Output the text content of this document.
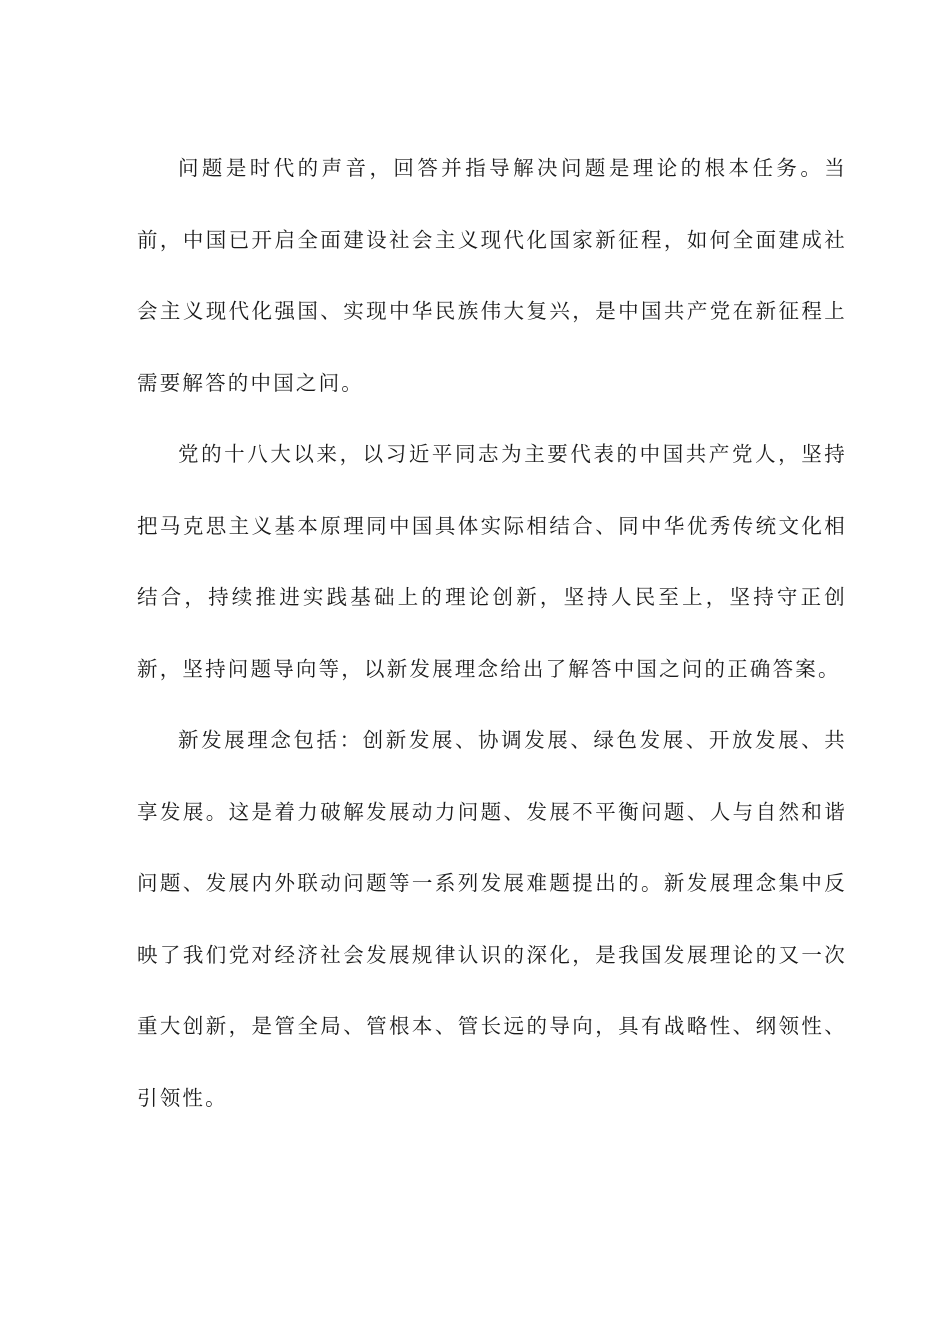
问题是时代的声音，回答并指导解决问题是理论的根本任务。当前，中国已开启全面建设社会主义现代化国家新征程，如何全面建成社会主义现代化强国、实现中华民族伟大复兴，是中国共产党在新征程上需要解答的中国之问。

党的十八大以来，以习近平同志为主要代表的中国共产党人，坚持把马克思主义基本原理同中国具体实际相结合、同中华优秀传统文化相结合，持续推进实践基础上的理论创新，坚持人民至上，坚持守正创新，坚持问题导向等，以新发展理念给出了解答中国之问的正确答案。

新发展理念包括：创新发展、协调发展、绿色发展、开放发展、共享发展。这是着力破解发展动力问题、发展不平衡问题、人与自然和谐问题、发展内外联动问题等一系列发展难题提出的。新发展理念集中反映了我们党对经济社会发展规律认识的深化，是我国发展理论的又一次重大创新，是管全局、管根本、管长远的导向，具有战略性、纲领性、引领性。
